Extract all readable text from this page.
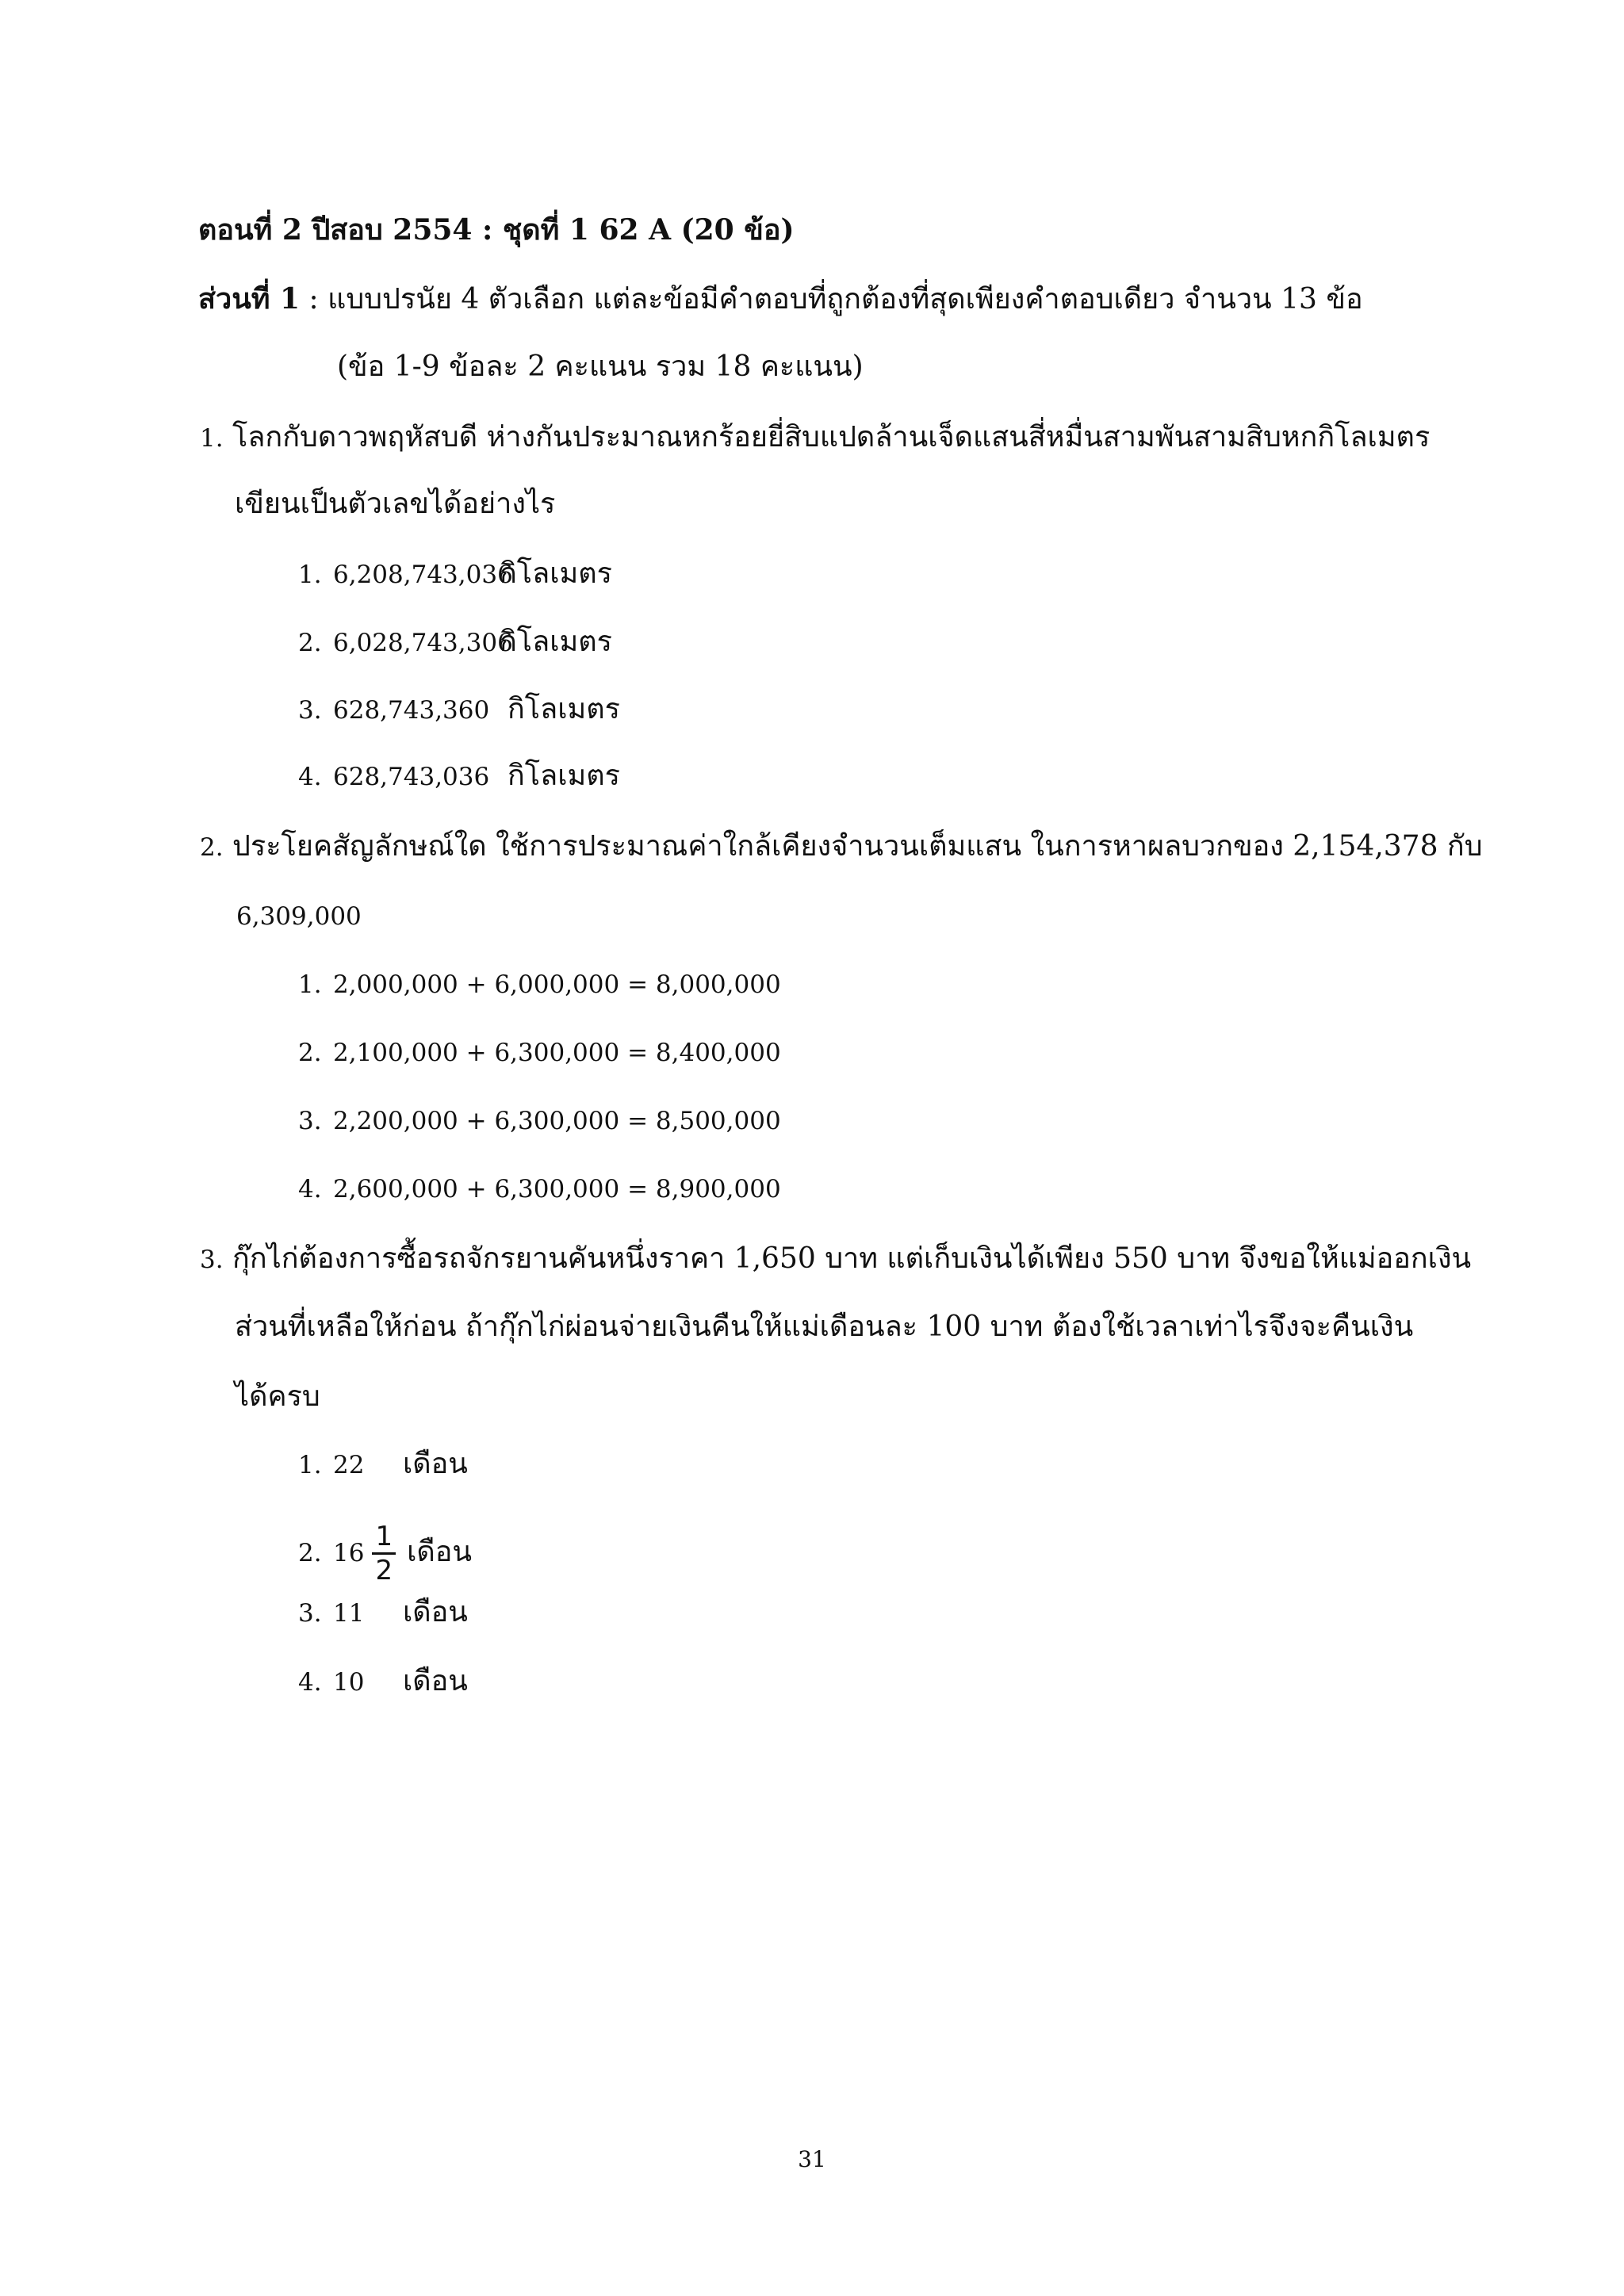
ตอนที่ 2 ปีสอบ 2554 : ชุดที่ 1 62 A (20 ข้อ)
ส่วนที่ 1 : แบบปรนัย 4 ตัวเลือก แต่ละข้อมีคำตอบที่ถูกต้องที่สุดเพียงคำตอบเดียว จำนวน 13 ข้อ
(ข้อ 1-9 ข้อละ 2 คะแนน รวม 18 คะแนน)
1. โลกกับดาวพฤหัสบดี ห่างกันประมาณหกร้อยยี่สิบแปดล้านเจ็ดแสนสี่หมื่นสามพันสามสิบหกกิโลเมตร
เขียนเป็นตัวเลขได้อย่างไร
1. 6,208,743,036กิโลเมตร
2. 6,028,743,306กิโลเมตร
3. 628,743,360 กิโลเมตร
4. 628,743,036 กิโลเมตร
2. ประโยคสัญลักษณ์ใด ใช้การประมาณค่าใกล้เคียงจำนวนเต็มแสน ในการหาผลบวกของ 2,154,378 กับ
6,309,000
1. 2,000,000 + 6,000,000 = 8,000,000
2. 2,100,000 + 6,300,000 = 8,400,000
3. 2,200,000 + 6,300,000 = 8,500,000
4. 2,600,000 + 6,300,000 = 8,900,000
3. กุ๊กไก่ต้องการซื้อรถจักรยานคันหนึ่งราคา 1,650 บาท แต่เก็บเงินได้เพียง 550 บาท จึงขอให้แม่ออกเงิน
ส่วนที่เหลือให้ก่อน ถ้ากุ๊กไก่ผ่อนจ่ายเงินคืนให้แม่เดือนละ 100 บาท ต้องใช้เวลาเท่าไรจึงจะคืนเงิน
ได้ครบ
1. 22 เดือน
2. $16 \frac{1}{2}$ เดือน
3. 11 เดือน
4. 10 เดือน
31
